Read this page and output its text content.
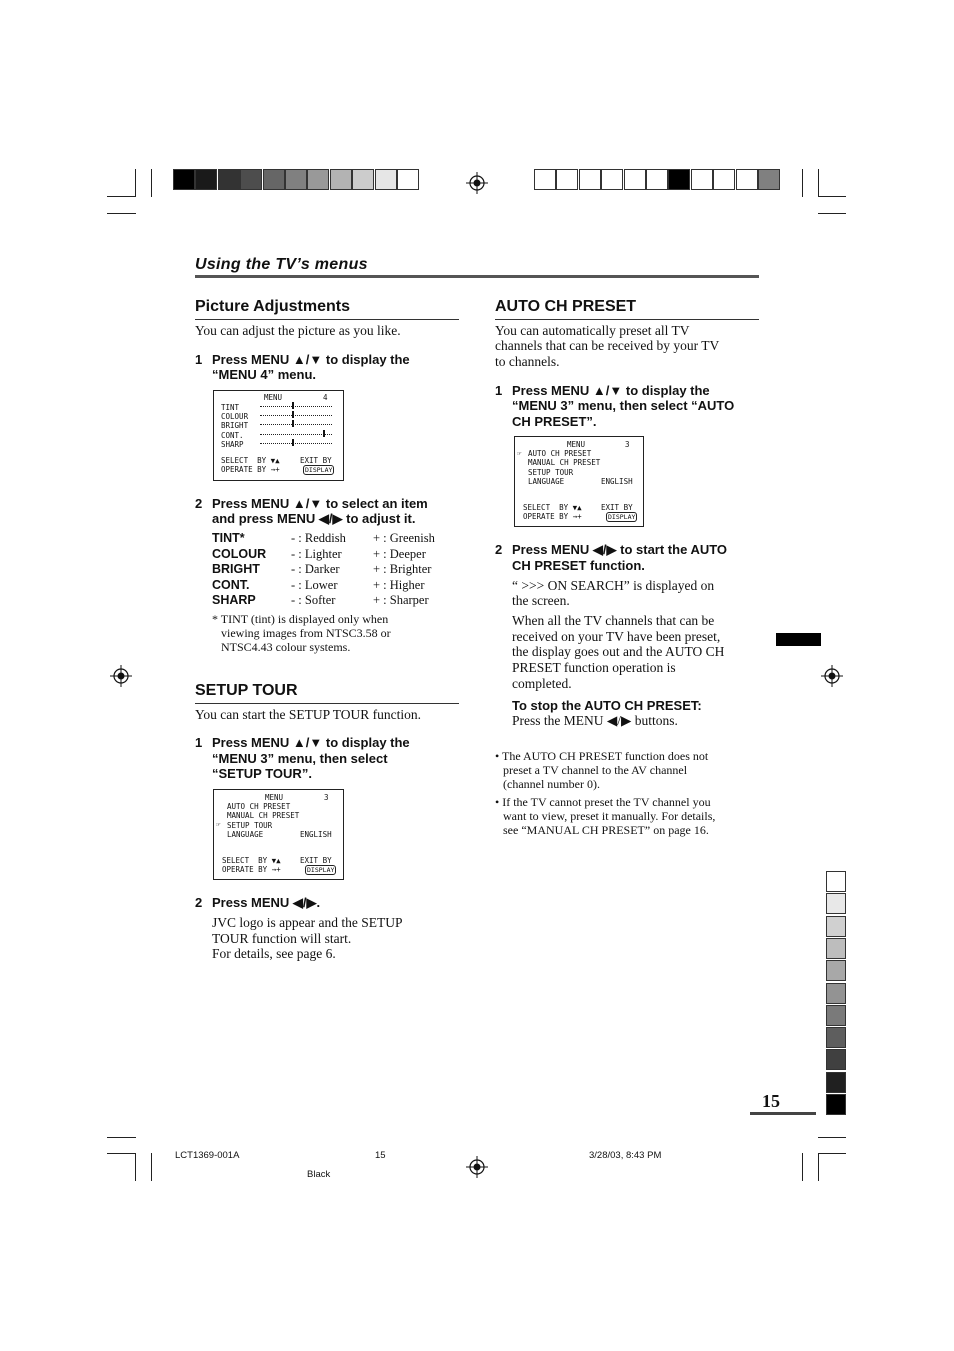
Using the TV’s menus
Picture Adjustments
You can adjust the picture as you like.
1 Press MENU ▲/▼ to display the
“MENU 4” menu.
MENU	4
TINT
COLOUR
BRIGHT
CONT.
SHARP
SELECT  BY ▼▲
OPERATE BY →+
EXIT BY
DISPLAY
2 Press MENU ▲/▼ to select an item
and press MENU ◀/▶ to adjust it.
TINT*	- : Reddish + : Greenish
COLOUR - : Lighter	+ : Deeper
BRIGHT - : Darker	+ : Brighter
CONT.	- : Lower	+ : Higher
SHARP	- : Softer	+ : Sharper
* TINT (tint) is displayed only when
viewing images from NTSC3.58 or
NTSC4.43 colour systems.
SETUP TOUR
You can start the SETUP TOUR function.
1 Press MENU ▲/▼ to display the
“MENU 3” menu, then select
“SETUP TOUR”.
MENU	3
AUTO CH PRESET
MANUAL CH PRESET
☞ SETUP TOUR
LANGUAGE	ENGLISH
SELECT  BY ▼▲
OPERATE BY →+
EXIT BY
DISPLAY
2 Press MENU ◀/▶.
JVC logo is appear and the SETUP
TOUR function will start.
For details, see page 6.
AUTO CH PRESET
You can automatically preset all TV
channels that can be received by your TV
to channels.
1 Press MENU ▲/▼ to display the
“MENU 3” menu, then select “AUTO
CH PRESET”.
MENU	3
☞ AUTO CH PRESET
MANUAL CH PRESET
SETUP TOUR
LANGUAGE	ENGLISH
SELECT  BY ▼▲
OPERATE BY →+
EXIT BY
DISPLAY
2 Press MENU ◀/▶ to start the AUTO
CH PRESET function.
“ >>> ON SEARCH” is displayed on
the screen.
When all the TV channels that can be
received on your TV have been preset,
the display goes out and the AUTO CH
PRESET function operation is
completed.
To stop the AUTO CH PRESET:
Press the MENU ◀/▶ buttons.
• The AUTO CH PRESET function does not
preset a TV channel to the AV channel
(channel number 0).
• If the TV cannot preset the TV channel you
want to view, preset it manually. For details,
see “MANUAL CH PRESET” on page 16.
15
LCT1369-001A	15	3/28/03, 8:43 PM
Black
